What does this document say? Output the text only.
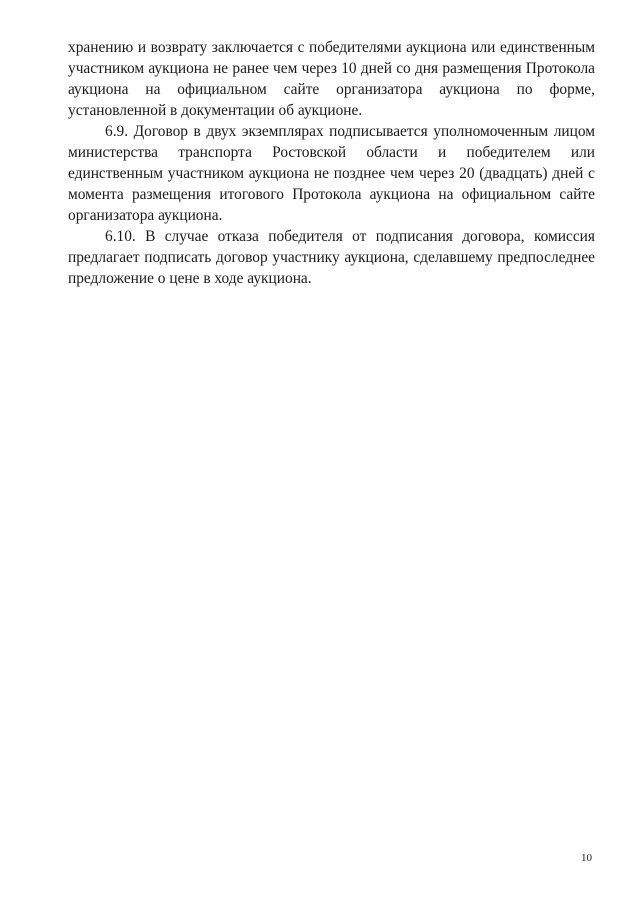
хранению и возврату заключается с победителями аукциона или единственным участником аукциона не ранее чем через 10 дней со дня размещения Протокола аукциона на официальном сайте организатора аукциона по форме, установленной в документации об аукционе.

6.9. Договор в двух экземплярах подписывается уполномоченным лицом министерства транспорта Ростовской области и победителем или единственным участником аукциона не позднее чем через 20 (двадцать) дней с момента размещения итогового Протокола аукциона на официальном сайте организатора аукциона.

6.10. В случае отказа победителя от подписания договора, комиссия предлагает подписать договор участнику аукциона, сделавшему предпоследнее предложение о цене в ходе аукциона.

10
